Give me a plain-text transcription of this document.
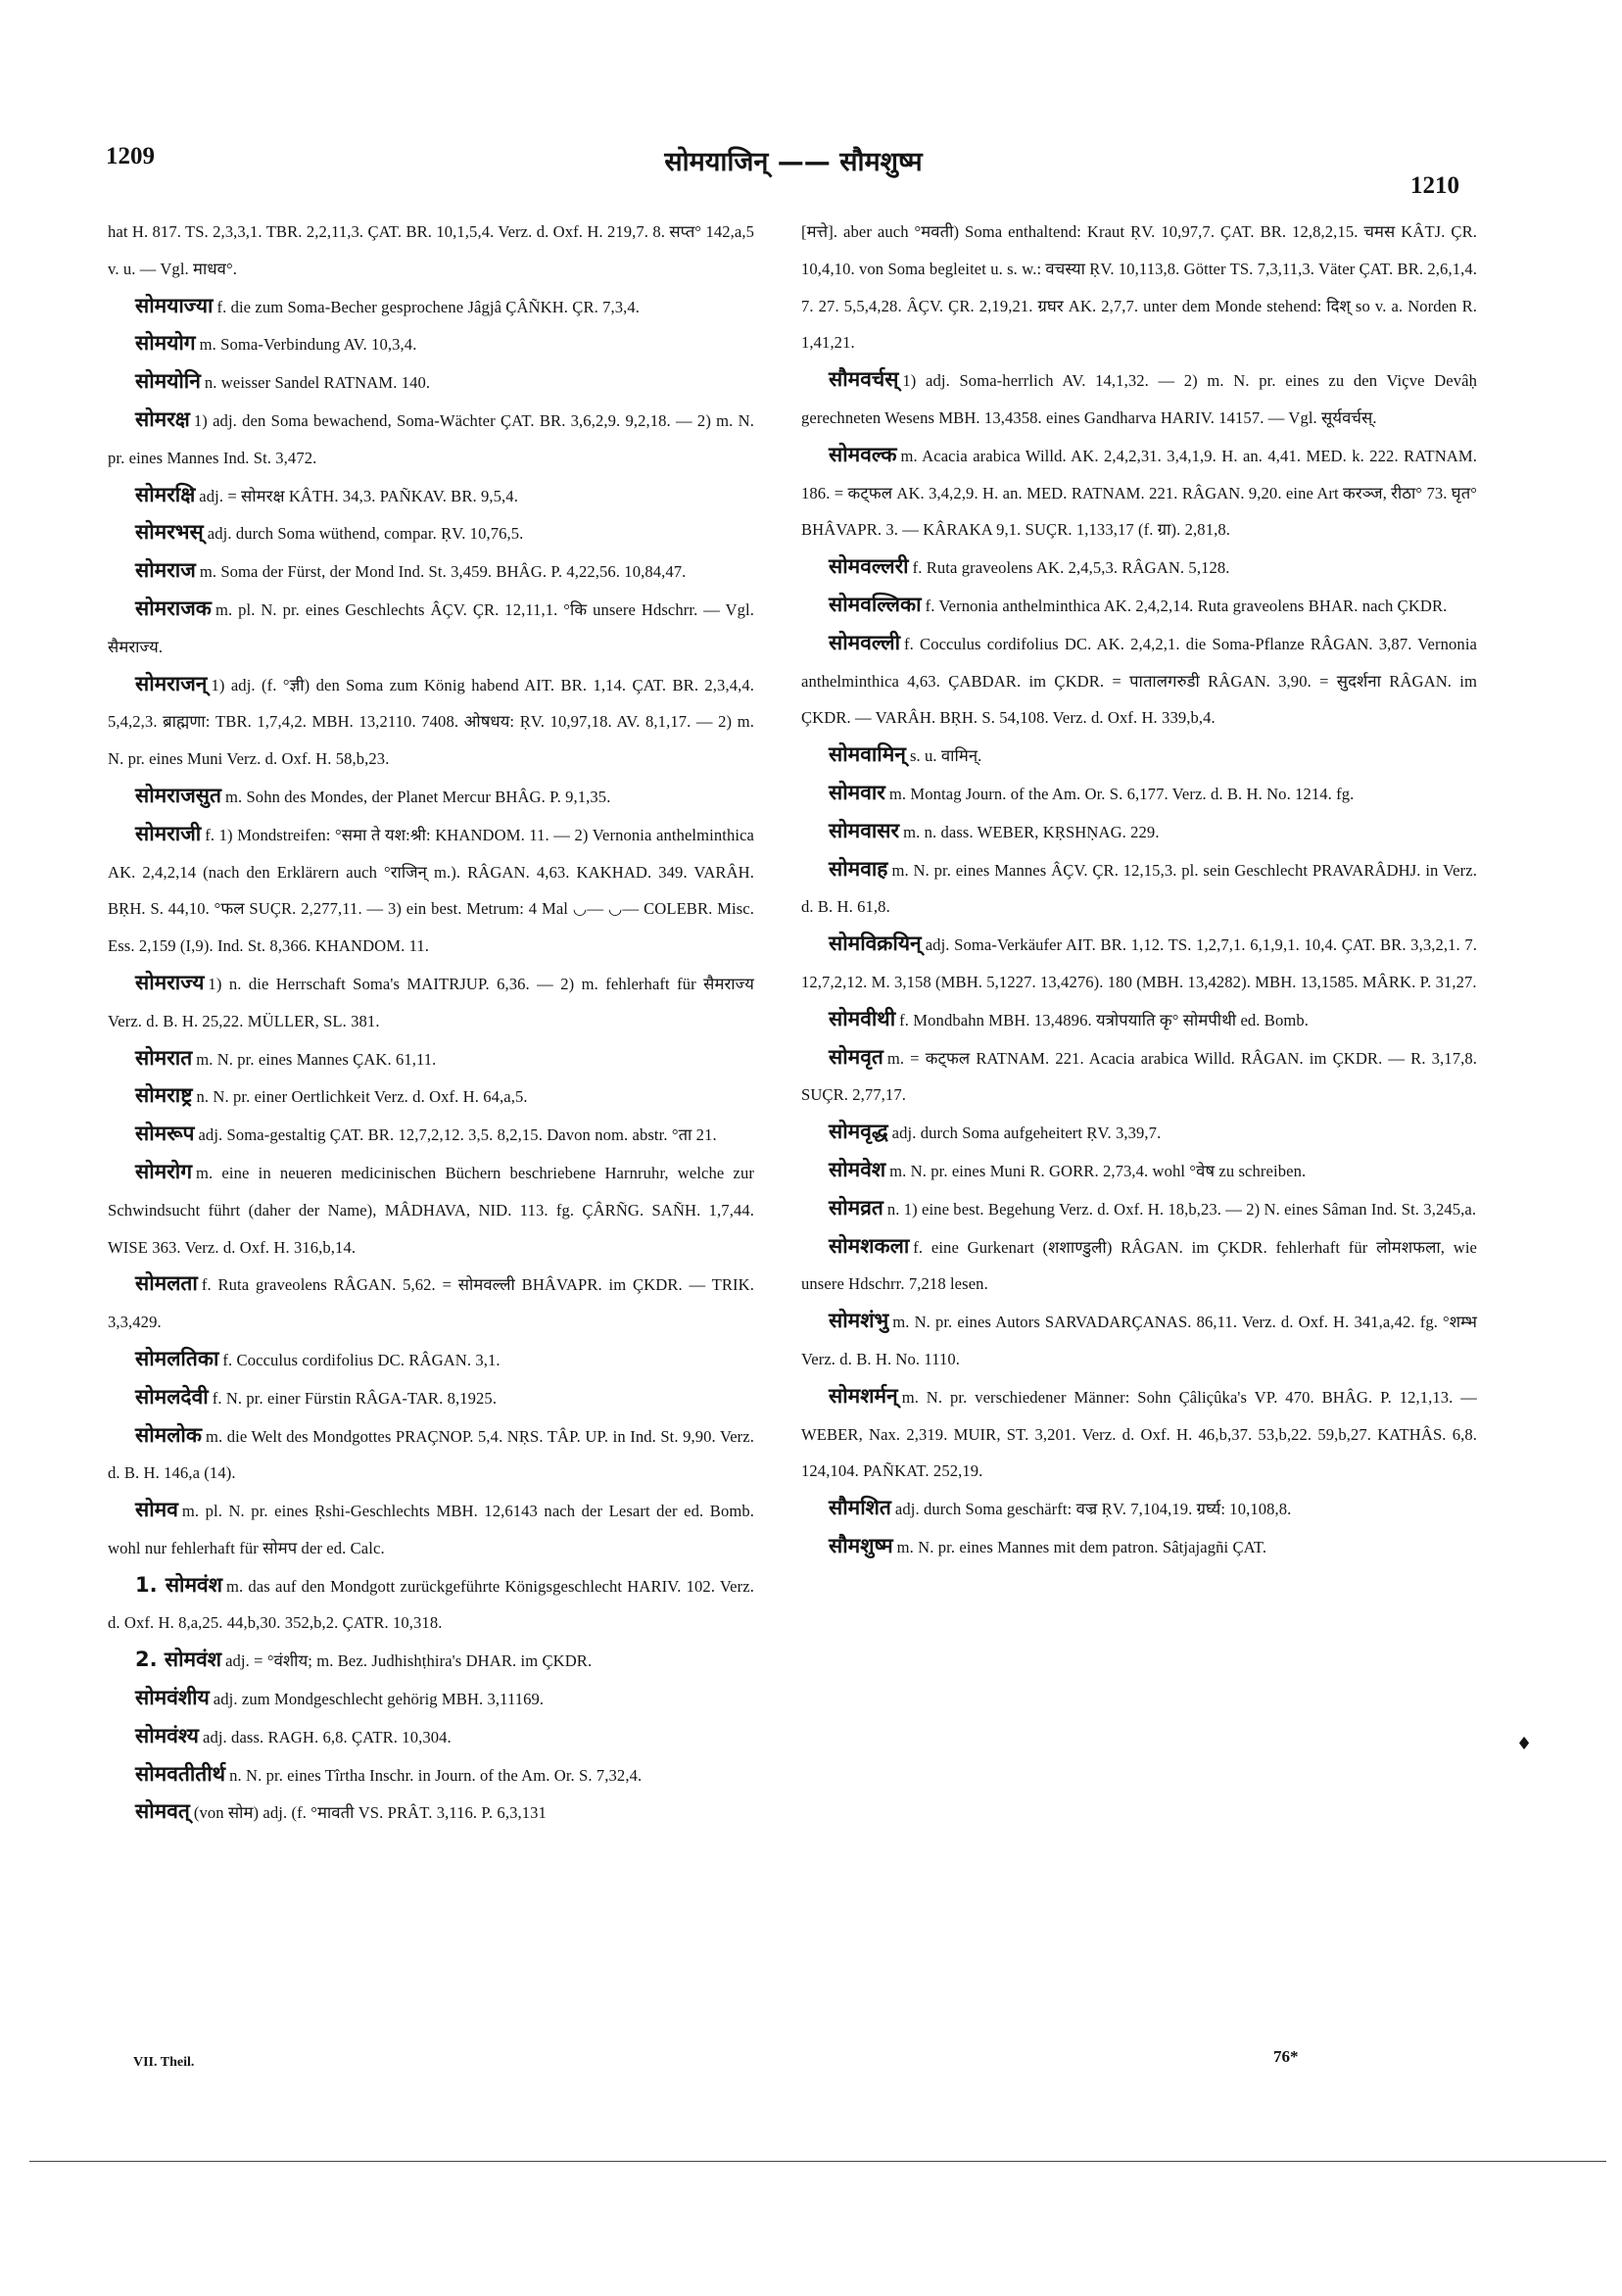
1209	सोमयाजिन् —— सौमशुष्म
1210

hat H. 817. TS. 2,3,3,1. TBR. 2,2,11,3. ÇAT. BR. 10,1,5,4. Verz. d. Oxf. H. 219,7. 8. सप्त° 142,a,5 v. u. — Vgl. माधव°.

सोमयाज्या f. die zum Soma-Becher gesprochene Jâgjâ ÇÂÑKH. ÇR. 7,3,4.

सोमयोग m. Soma-Verbindung AV. 10,3,4.

सोमयोनि n. weisser Sandel RATNAM. 140.

सोमरक्ष 1) adj. den Soma bewachend, Soma-Wächter ÇAT. BR. 3,6,2,9. 9,2,18. — 2) m. N. pr. eines Mannes Ind. St. 3,472.

सोमरक्षि adj. = सोमरक्ष KÂTH. 34,3. PAÑKAV. BR. 9,5,4.

सोमरभस् adj. durch Soma wüthend, compar. ṚV. 10,76,5.

सोमराज m. Soma der Fürst, der Mond Ind. St. 3,459. BHÂG. P. 4,22,56. 10,84,47.

सोमराजक m. pl. N. pr. eines Geschlechts ÂÇV. ÇR. 12,11,1. °कि unsere Hdschrr. — Vgl. सैमराज्य.

सोमराजन् 1) adj. (f. °ज्ञी) den Soma zum König habend AIT. BR. 1,14. ÇAT. BR. 2,3,4,4. 5,4,2,3. ब्राह्मणा: TBR. 1,7,4,2. MBH. 13,2110. 7408. ओषधय: ṚV. 10,97,18. AV. 8,1,17. — 2) m. N. pr. eines Muni Verz. d. Oxf. H. 58,b,23.

सोमराजसुत m. Sohn des Mondes, der Planet Mercur BHÂG. P. 9,1,35.

सोमराजी f. 1) Mondstreifen: °समा ते यश:श्री: KHANDOM. 11. — 2) Vernonia anthelminthica AK. 2,4,2,14 (nach den Erklärern auch °राजिन् m.). RÂGAN. 4,63. KAKHAD. 349. VARÂH. BṚH. S. 44,10. °फल SUÇR. 2,277,11. — 3) ein best. Metrum: 4 Mal ◡–– ◡–– COLEBR. Misc. Ess. 2,159 (I,9). Ind. St. 8,366. KHANDOM. 11.

सोमराज्य 1) n. die Herrschaft Soma's MAITRJUP. 6,36. — 2) m. fehlerhaft für सैमराज्य Verz. d. B. H. 25,22. MÜLLER, SL. 381.

सोमरात m. N. pr. eines Mannes ÇAK. 61,11.

सोमराष्ट्र n. N. pr. einer Oertlichkeit Verz. d. Oxf. H. 64,a,5.

सोमरूप adj. Soma-gestaltig ÇAT. BR. 12,7,2,12. 3,5. 8,2,15. Davon nom. abstr. °ता 21.

सोमरोग m. eine in neueren medicinischen Büchern beschriebene Harnruhr, welche zur Schwindsucht führt (daher der Name), MÂDHAVA, NID. 113. fg. ÇÂRÑG. SAÑH. 1,7,44. WISE 363. Verz. d. Oxf. H. 316,b,14.

सोमलता f. Ruta graveolens RÂGAN. 5,62. = सोमवल्ली BHÂVAPR. im ÇKDR. — TRIK. 3,3,429.

सोमलतिका f. Cocculus cordifolius DC. RÂGAN. 3,1.

सोमलदेवी f. N. pr. einer Fürstin RÂGA-TAR. 8,1925.

सोमलोक m. die Welt des Mondgottes PRAÇNOP. 5,4. NṚS. TÂP. UP. in Ind. St. 9,90. Verz. d. B. H. 146,a (14).

सोमव m. pl. N. pr. eines Ṛshi-Geschlechts MBH. 12,6143 nach der Lesart der ed. Bomb. wohl nur fehlerhaft für सोमप der ed. Calc.

1. सोमवंश m. das auf den Mondgott zurückgeführte Königsgeschlecht HARIV. 102. Verz. d. Oxf. H. 8,a,25. 44,b,30. 352,b,2. ÇATR. 10,318.

2. सोमवंश adj. = °वंशीय; m. Bez. Judhishṭhira's DHAR. im ÇKDR.

सोमवंशीय adj. zum Mondgeschlecht gehörig MBH. 3,11169.

सोमवंश्य adj. dass. RAGH. 6,8. ÇATR. 10,304.

सोमवतीतीर्थ n. N. pr. eines Tîrtha Inschr. in Journ. of the Am. Or. S. 7,32,4.

सोमवत् (von सोम) adj. (f. °मावती VS. PRÂT. 3,116. P. 6,3,131

[मत्ते]. aber auch °मवती) Soma enthaltend: Kraut ṚV. 10,97,7. ÇAT. BR. 12,8,2,15. चमस KÂTJ. ÇR. 10,4,10. von Soma begleitet u. s. w.: वचस्या ṚV. 10,113,8. Götter TS. 7,3,11,3. Väter ÇAT. BR. 2,6,1,4. 7. 27. 5,5,4,28. ÂÇV. ÇR. 2,19,21. ग्रघर AK. 2,7,7. unter dem Monde stehend: दिश् so v. a. Norden R. 1,41,21.

सौमवर्चस् 1) adj. Soma-herrlich AV. 14,1,32. — 2) m. N. pr. eines zu den Viçve Devâḥ gerechneten Wesens MBH. 13,4358. eines Gandharva HARIV. 14157. — Vgl. सूर्यवर्चस्.

सोमवल्क m. Acacia arabica Willd. AK. 2,4,2,31. 3,4,1,9. H. an. 4,41. MED. k. 222. RATNAM. 186. = कट्फल AK. 3,4,2,9. H. an. MED. RATNAM. 221. RÂGAN. 9,20. eine Art करञ्ज, रीठा° 73. घृत° BHÂVAPR. 3. — KÂRAKA 9,1. SUÇR. 1,133,17 (f. ग्रा). 2,81,8.

सोमवल्लरी f. Ruta graveolens AK. 2,4,5,3. RÂGAN. 5,128.

सोमवल्लिका f. Vernonia anthelminthica AK. 2,4,2,14. Ruta graveolens BHAR. nach ÇKDR.

सोमवल्ली f. Cocculus cordifolius DC. AK. 2,4,2,1. die Soma-Pflanze RÂGAN. 3,87. Vernonia anthelminthica 4,63. ÇABDAR. im ÇKDR. = पातालगरुडी RÂGAN. 3,90. = सुदर्शना RÂGAN. im ÇKDR. — VARÂH. BṚH. S. 54,108. Verz. d. Oxf. H. 339,b,4.

सोमवामिन् s. u. वामिन्.

सोमवार m. Montag Journ. of the Am. Or. S. 6,177. Verz. d. B. H. No. 1214. fg.

सोमवासर m. n. dass. WEBER, KṚSHṆAG. 229.

सोमवाह m. N. pr. eines Mannes ÂÇV. ÇR. 12,15,3. pl. sein Geschlecht PRAVARÂDHJ. in Verz. d. B. H. 61,8.

सोमविक्रयिन् adj. Soma-Verkäufer AIT. BR. 1,12. TS. 1,2,7,1. 6,1,9,1. 10,4. ÇAT. BR. 3,3,2,1. 7. 12,7,2,12. M. 3,158 (MBH. 5,1227. 13,4276). 180 (MBH. 13,4282). MBH. 13,1585. MÂRK. P. 31,27.

सोमवीथी f. Mondbahn MBH. 13,4896. यत्रोपयाति कृ° सोमपीथी ed. Bomb.

सोमवृत m. = कट्फल RATNAM. 221. Acacia arabica Willd. RÂGAN. im ÇKDR. — R. 3,17,8. SUÇR. 2,77,17.

सोमवृद्ध adj. durch Soma aufgeheitert ṚV. 3,39,7.

सोमवेश m. N. pr. eines Muni R. GORR. 2,73,4. wohl °वेष zu schreiben.

सोमव्रत n. 1) eine best. Begehung Verz. d. Oxf. H. 18,b,23. — 2) N. eines Sâman Ind. St. 3,245,a.

सोमशकला f. eine Gurkenart (शशाण्डुली) RÂGAN. im ÇKDR. fehlerhaft für लोमशफला, wie unsere Hdschrr. 7,218 lesen.

सोमशंभु m. N. pr. eines Autors SARVADARÇANAS. 86,11. Verz. d. Oxf. H. 341,a,42. fg. °शम्भ Verz. d. B. H. No. 1110.

सोमशर्मन् m. N. pr. verschiedener Männer: Sohn Çâliçûka's VP. 470. BHÂG. P. 12,1,13. — WEBER, Nax. 2,319. MUIR, ST. 3,201. Verz. d. Oxf. H. 46,b,37. 53,b,22. 59,b,27. KATHÂS. 6,8. 124,104. PAÑKAT. 252,19.

सौमशित adj. durch Soma geschärft: वज्र ṚV. 7,104,19. ग्रर्घ्य: 10,108,8.

सौमशुष्म m. N. pr. eines Mannes mit dem patron. Sâtjajagñi ÇAT.

♦
VII. Theil.	76*
